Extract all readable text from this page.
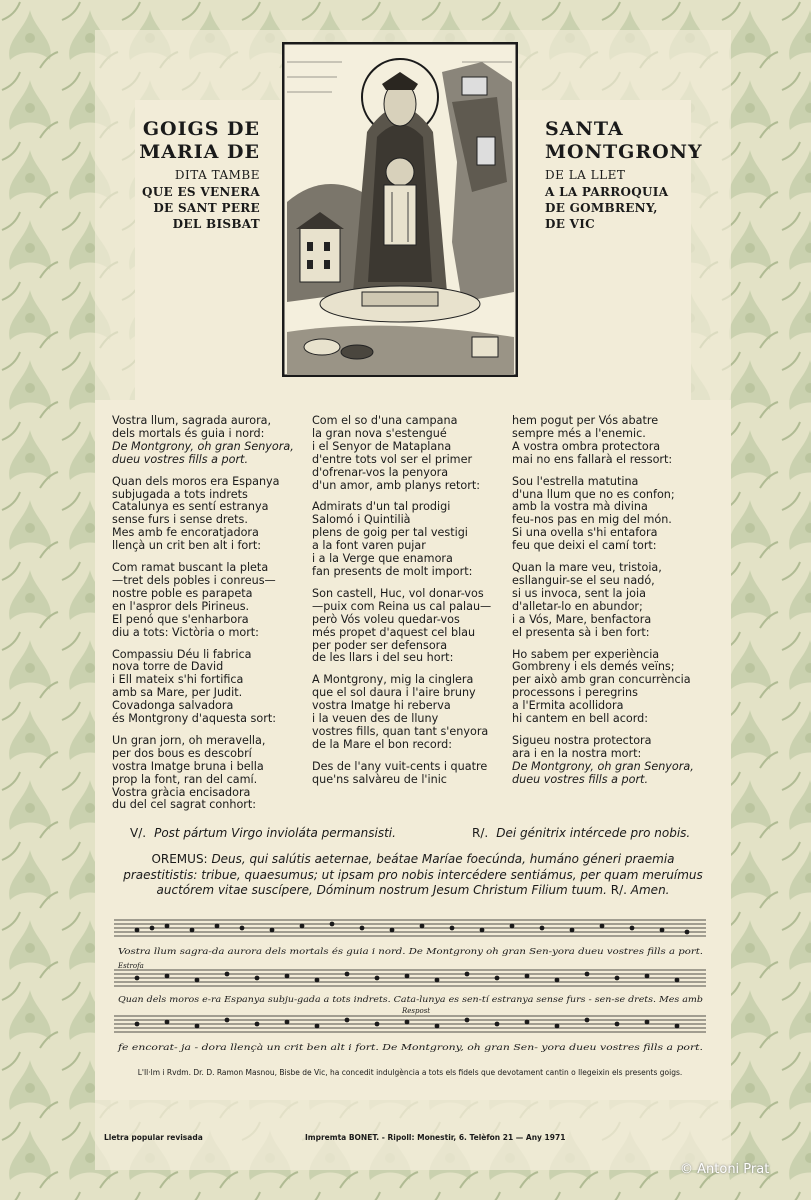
GOIGS DE
MARIA DE
DITA TAMBE
QUE ES VENERA
DE SANT PERE
DEL BISBAT
SANTA
MONTGRONY
DE LA LLET
A LA PARROQUIA
DE GOMBRENY,
DE VIC
Vostra llum, sagrada aurora,
dels mortals és guia i nord:
De Montgrony, oh gran Senyora,
dueu vostres fills a port.
Quan dels moros era Espanya
subjugada a tots indrets
Catalunya es sentí estranya
sense furs i sense drets.
Mes amb fe encoratjadora
llençà un crit ben alt i fort:
Com ramat buscant la pleta
—tret dels pobles i conreus—
nostre poble es parapeta
en l'aspror dels Pirineus.
El penó que s'enharbora
diu a tots: Victòria o mort:
Compassiu Déu li fabrica
nova torre de David
i Ell mateix s'hi fortifica
amb sa Mare, per Judit.
Covadonga salvadora
és Montgrony d'aquesta sort:
Un gran jorn, oh meravella,
per dos bous es descobrí
vostra Imatge bruna i bella
prop la font, ran del camí.
Vostra gràcia encisadora
du del cel sagrat conhort:
Com el so d'una campana
la gran nova s'estengué
i el Senyor de Mataplana
d'entre tots vol ser el primer
d'ofrenar-vos la penyora
d'un amor, amb planys retort:
Admirats d'un tal prodigi
Salomó i Quintilià
plens de goig per tal vestigi
a la font varen pujar
i a la Verge que enamora
fan presents de molt import:
Son castell, Huc, vol donar-vos
—puix com Reina us cal palau—
però Vós voleu quedar-vos
més propet d'aquest cel blau
per poder ser defensora
de les llars i del seu hort:
A Montgrony, mig la cinglera
que el sol daura i l'aire bruny
vostra Imatge hi reberva
i la veuen des de lluny
vostres fills, quan tant s'enyora
de la Mare el bon record:
Des de l'any vuit-cents i quatre
que'ns salvàreu de l'inic
hem pogut per Vós abatre
sempre més a l'enemic.
A vostra ombra protectora
mai no ens fallarà el ressort:
Sou l'estrella matutina
d'una llum que no es confon;
amb la vostra mà divina
feu-nos pas en mig del món.
Si una ovella s'hi entafora
feu que deixi el camí tort:
Quan la mare veu, tristoia,
esllanguir-se el seu nadó,
si us invoca, sent la joia
d'alletar-lo en abundor;
i a Vós, Mare, benfactora
el presenta sà i ben fort:
Ho sabem per experiència
Gombreny i els demés veïns;
per això amb gran concurrència
processons i peregrins
a l'Ermita acollidora
hi cantem en bell acord:
Sigueu nostra protectora
ara i en la nostra mort:
De Montgrony, oh gran Senyora,
dueu vostres fills a port.
V/. Post pártum Virgo invioláta permansisti.	R/. Dei génitrix intércede pro nobis.
OREMUS: Deus, qui salútis aeternae, beátae Maríae foecúnda, humáno géneri praemia praestitistis: tribue, quaesumus; ut ipsam pro nobis intercédere sentiámus, per quam meruímus auctórem vitae suscípere, Dóminum nostrum Jesum Christum Filium tuum. R/. Amen.
Vostra llum sagra-da aurora dels mortals és guia i nord. De Montgrony oh gran Sen-yora dueu vostres fills a port.
Estrofa
Quan dels moros e-ra Espanya subju-gada a tots indrets. Cata-lunya es sen-tí estranya sense furs - sen-se drets. Mes amb
Respost
fe encorat- ja - dora llençà un crit ben alt i fort. De Montgrony, oh gran Sen- yora dueu vostres fills a port.
L'Il·lm i Rvdm. Dr. D. Ramon Masnou, Bisbe de Vic, ha concedit indulgència a tots els fidels que devotament cantin o llegeixin els presents goigs.
Lletra popular revisada	Impremta BONET. - Ripoll: Monestir, 6. Telèfon 21 — Any 1971
© Antoni Prat
